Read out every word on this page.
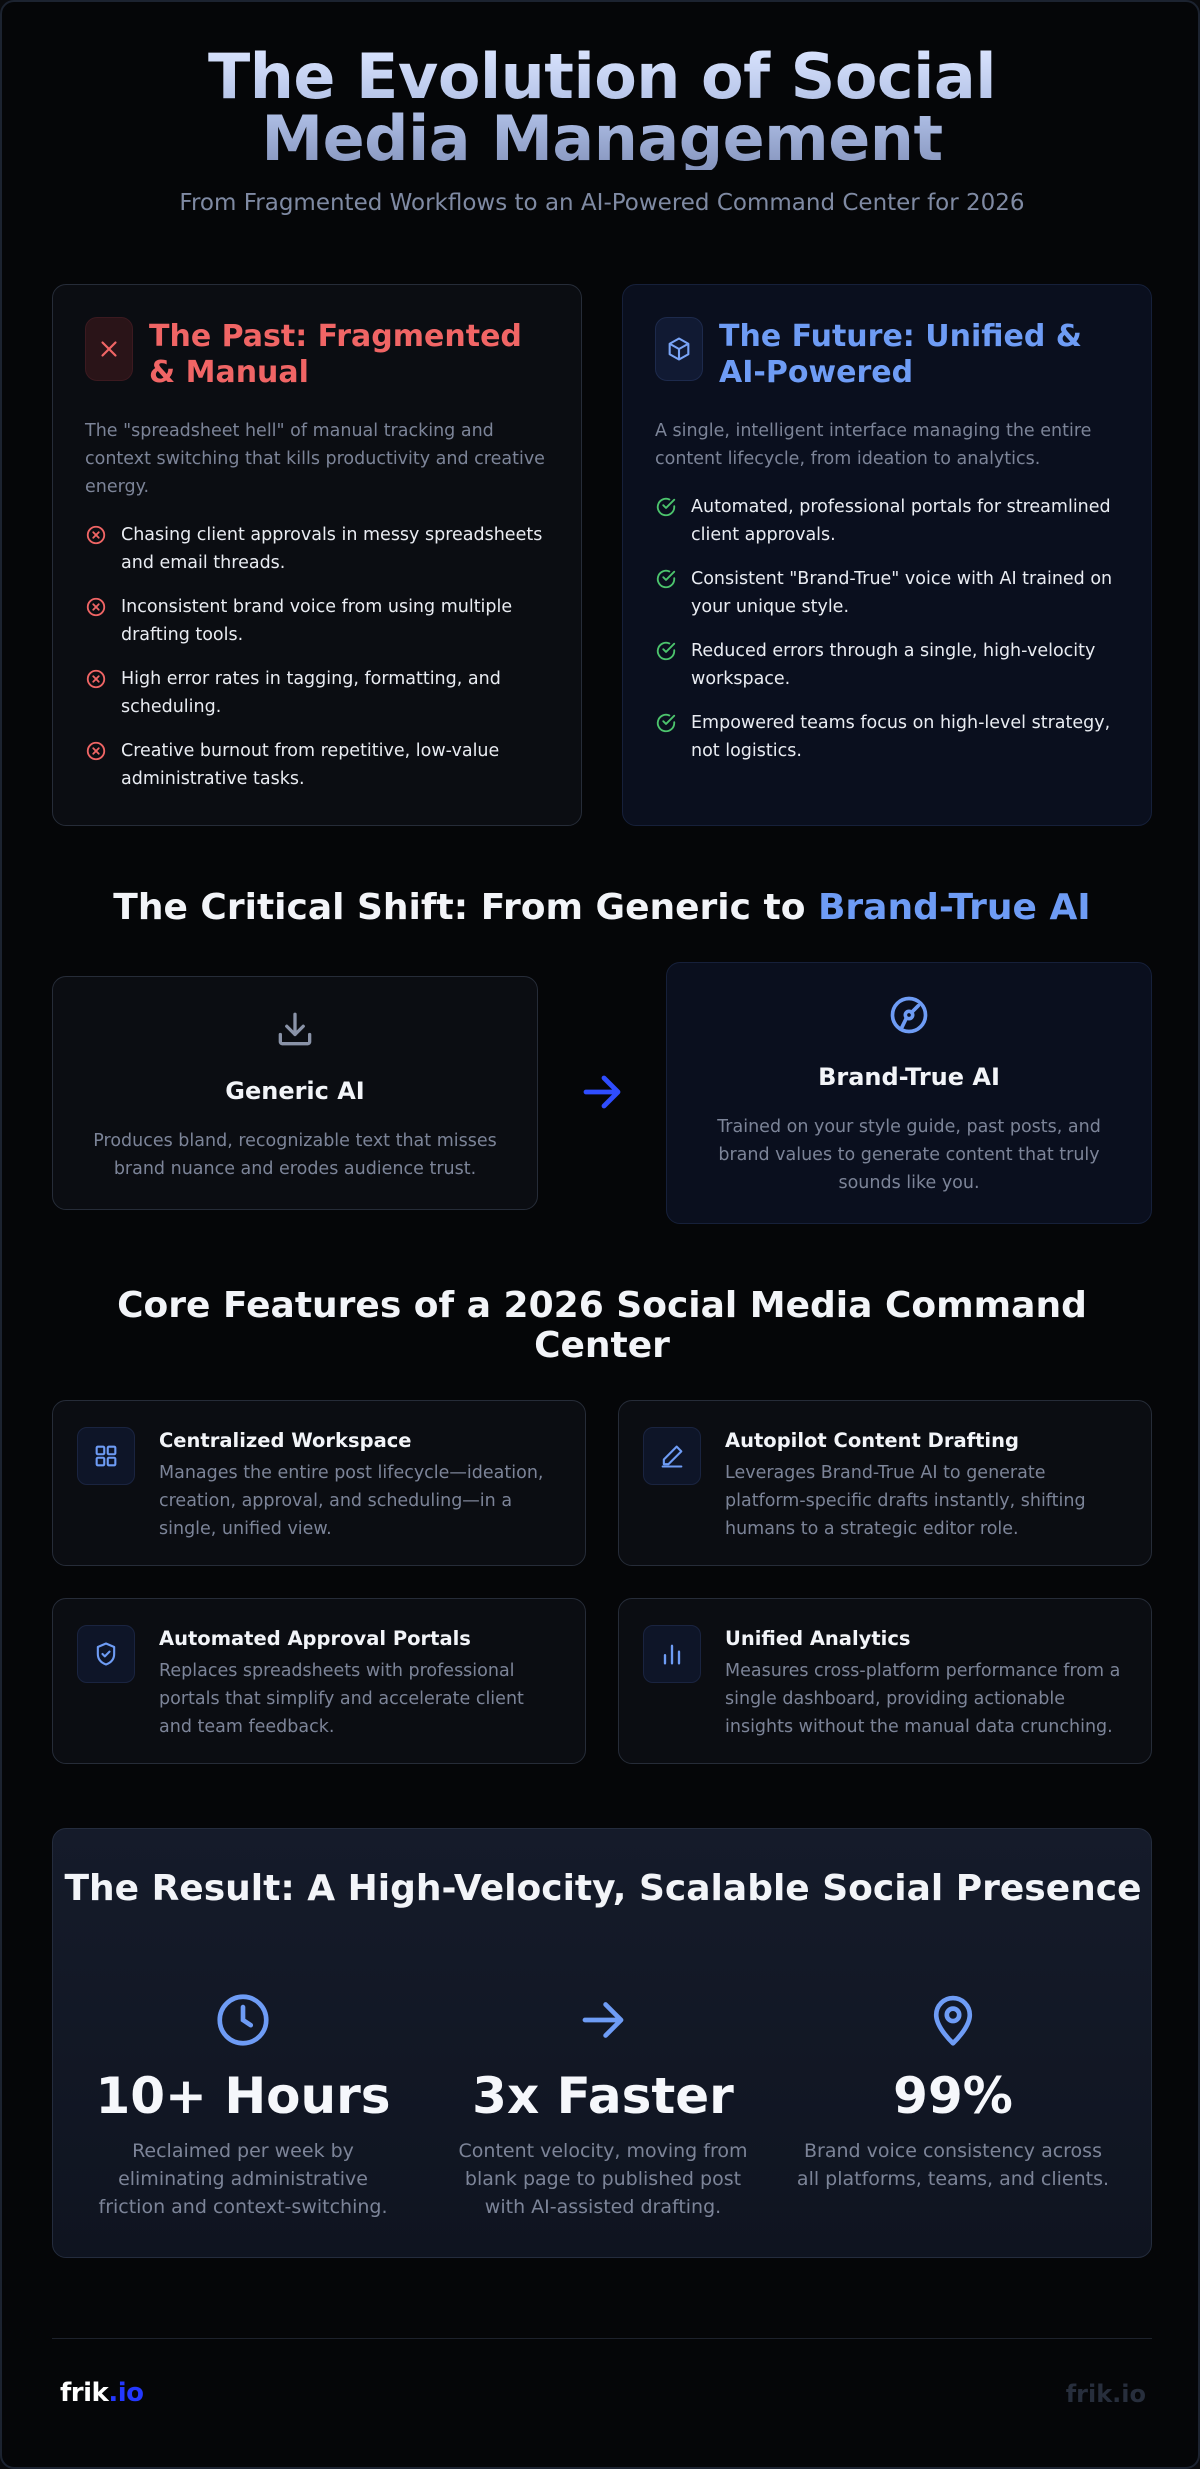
The Evolution of Social Media Management

From Fragmented Workflows to an AI-Powered Command Center for 2026

The Past: Fragmented & Manual

The "spreadsheet hell" of manual tracking and context switching that kills productivity and creative energy.

Chasing client approvals in messy spreadsheets and email threads.
Inconsistent brand voice from using multiple drafting tools.
High error rates in tagging, formatting, and scheduling.
Creative burnout from repetitive, low-value administrative tasks.
The Future: Unified & AI-Powered

A single, intelligent interface managing the entire content lifecycle, from ideation to analytics.

Automated, professional portals for streamlined client approvals.
Consistent "Brand-True" voice with AI trained on your unique style.
Reduced errors through a single, high-velocity workspace.
Empowered teams focus on high-level strategy, not logistics.
The Critical Shift: From Generic to Brand-True AI
Generic AI

Produces bland, recognizable text that misses brand nuance and erodes audience trust.

Brand-True AI

Trained on your style guide, past posts, and brand values to generate content that truly sounds like you.

Core Features of a 2026 Social Media Command Center
Centralized Workspace

Manages the entire post lifecycle—ideation, creation, approval, and scheduling—in a single, unified view.

Autopilot Content Drafting

Leverages Brand-True AI to generate platform-specific drafts instantly, shifting humans to a strategic editor role.

Automated Approval Portals

Replaces spreadsheets with professional portals that simplify and accelerate client and team feedback.

Unified Analytics

Measures cross-platform performance from a single dashboard, providing actionable insights without the manual data crunching.

The Result: A High-Velocity, Scalable Social Presence
10+ Hours

Reclaimed per week by eliminating administrative friction and context-switching.

3x Faster

Content velocity, moving from blank page to published post with AI-assisted drafting.

99%

Brand voice consistency across all platforms, teams, and clients.

frik.io	frik.io
